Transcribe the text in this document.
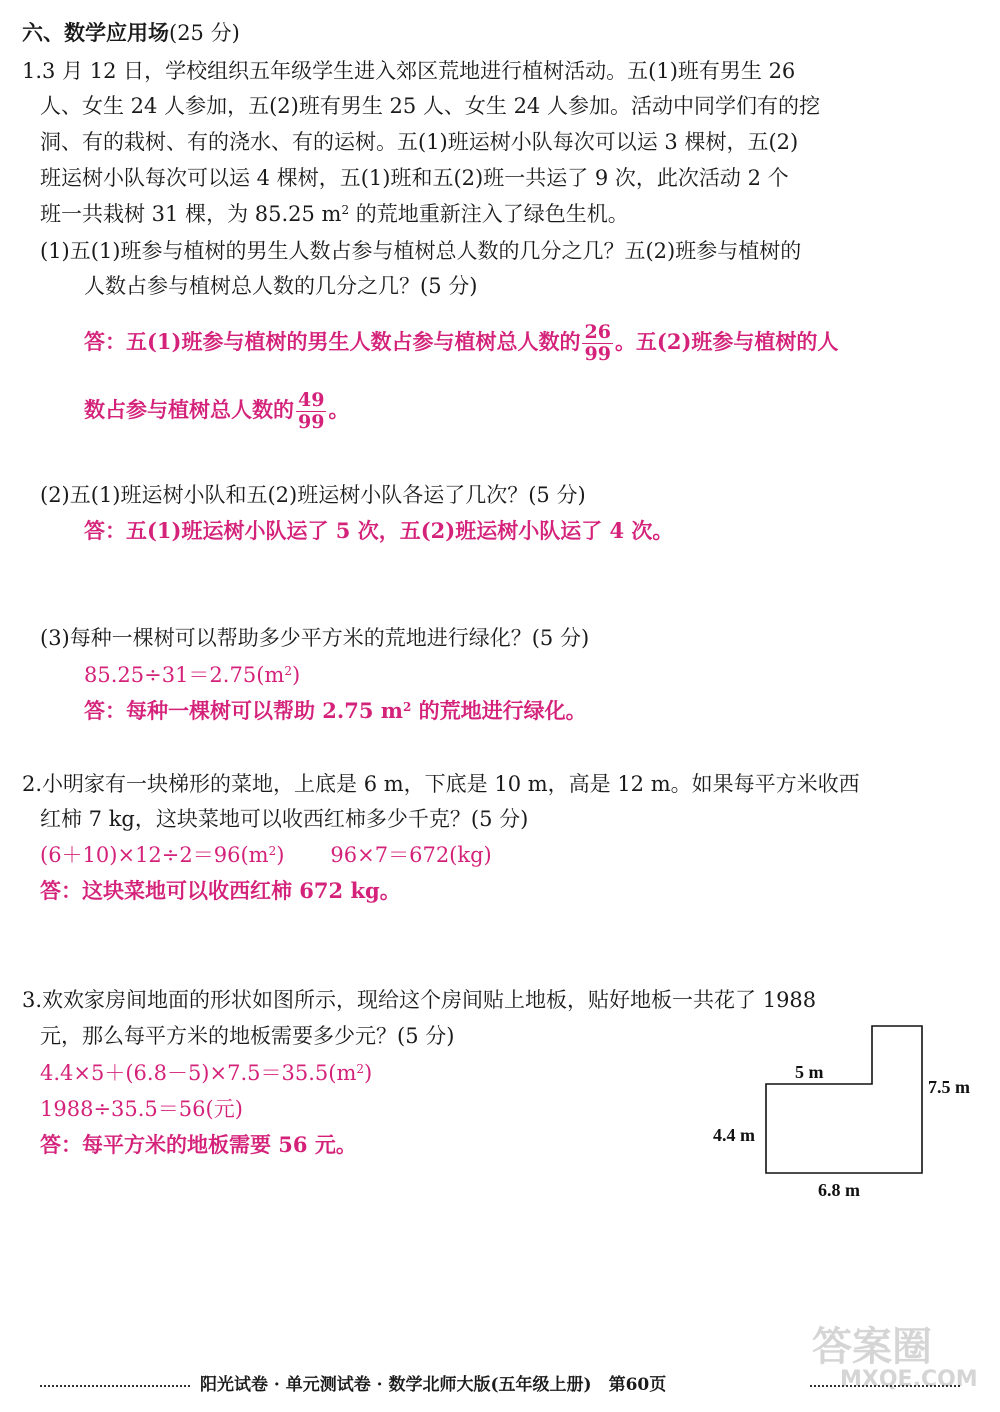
六、数学应用场(25 分)
1.3 月 12 日，学校组织五年级学生进入郊区荒地进行植树活动。五(1)班有男生 26
人、女生 24 人参加，五(2)班有男生 25 人、女生 24 人参加。活动中同学们有的挖
洞、有的栽树、有的浇水、有的运树。五(1)班运树小队每次可以运 3 棵树，五(2)
班运树小队每次可以运 4 棵树，五(1)班和五(2)班一共运了 9 次，此次活动 2 个
班一共栽树 31 棵，为 85.25 $m^2$ 的荒地重新注入了绿色生机。
(1)五(1)班参与植树的男生人数占参与植树总人数的几分之几？五(2)班参与植树的
人数占参与植树总人数的几分之几？(5 分)
答：五(1)班参与植树的男生人数占参与植树总人数的 $\frac{26}{99}$ 。五(2)班参与植树的人
数占参与植树总人数的 $\frac{49}{99}$ 。
(2)五(1)班运树小队和五(2)班运树小队各运了几次？(5 分)
答：五(1)班运树小队运了 5 次，五(2)班运树小队运了 4 次。
(3)每种一棵树可以帮助多少平方米的荒地进行绿化？(5 分)
$85.25\div 31=2.75(m^2)$
答：每种一棵树可以帮助 2.75 $m^2$ 的荒地进行绿化。
2.小明家有一块梯形的菜地，上底是 6 m，下底是 10 m，高是 12 m。如果每平方米收西
红柿 7 kg，这块菜地可以收西红柿多少千克？(5 分)
$(6+10)\times 12\div 2=96(m^2)$ 96×7＝672(kg)
答：这块菜地可以收西红柿 672 kg。
3.欢欢家房间地面的形状如图所示，现给这个房间贴上地板，贴好地板一共花了 1988
元，那么每平方米的地板需要多少元？(5 分)
$4.4\times 5+(6.8-5)\times 7.5=35.5(m^2)$
1988÷35.5＝56(元)
答：每平方米的地板需要 56 元。
5 m
7.5 m
4.4 m
6.8 m
答案圈
MXQE.COM
阳光试卷 · 单元测试卷 · 数学北师大版(五年级上册)　第60页
